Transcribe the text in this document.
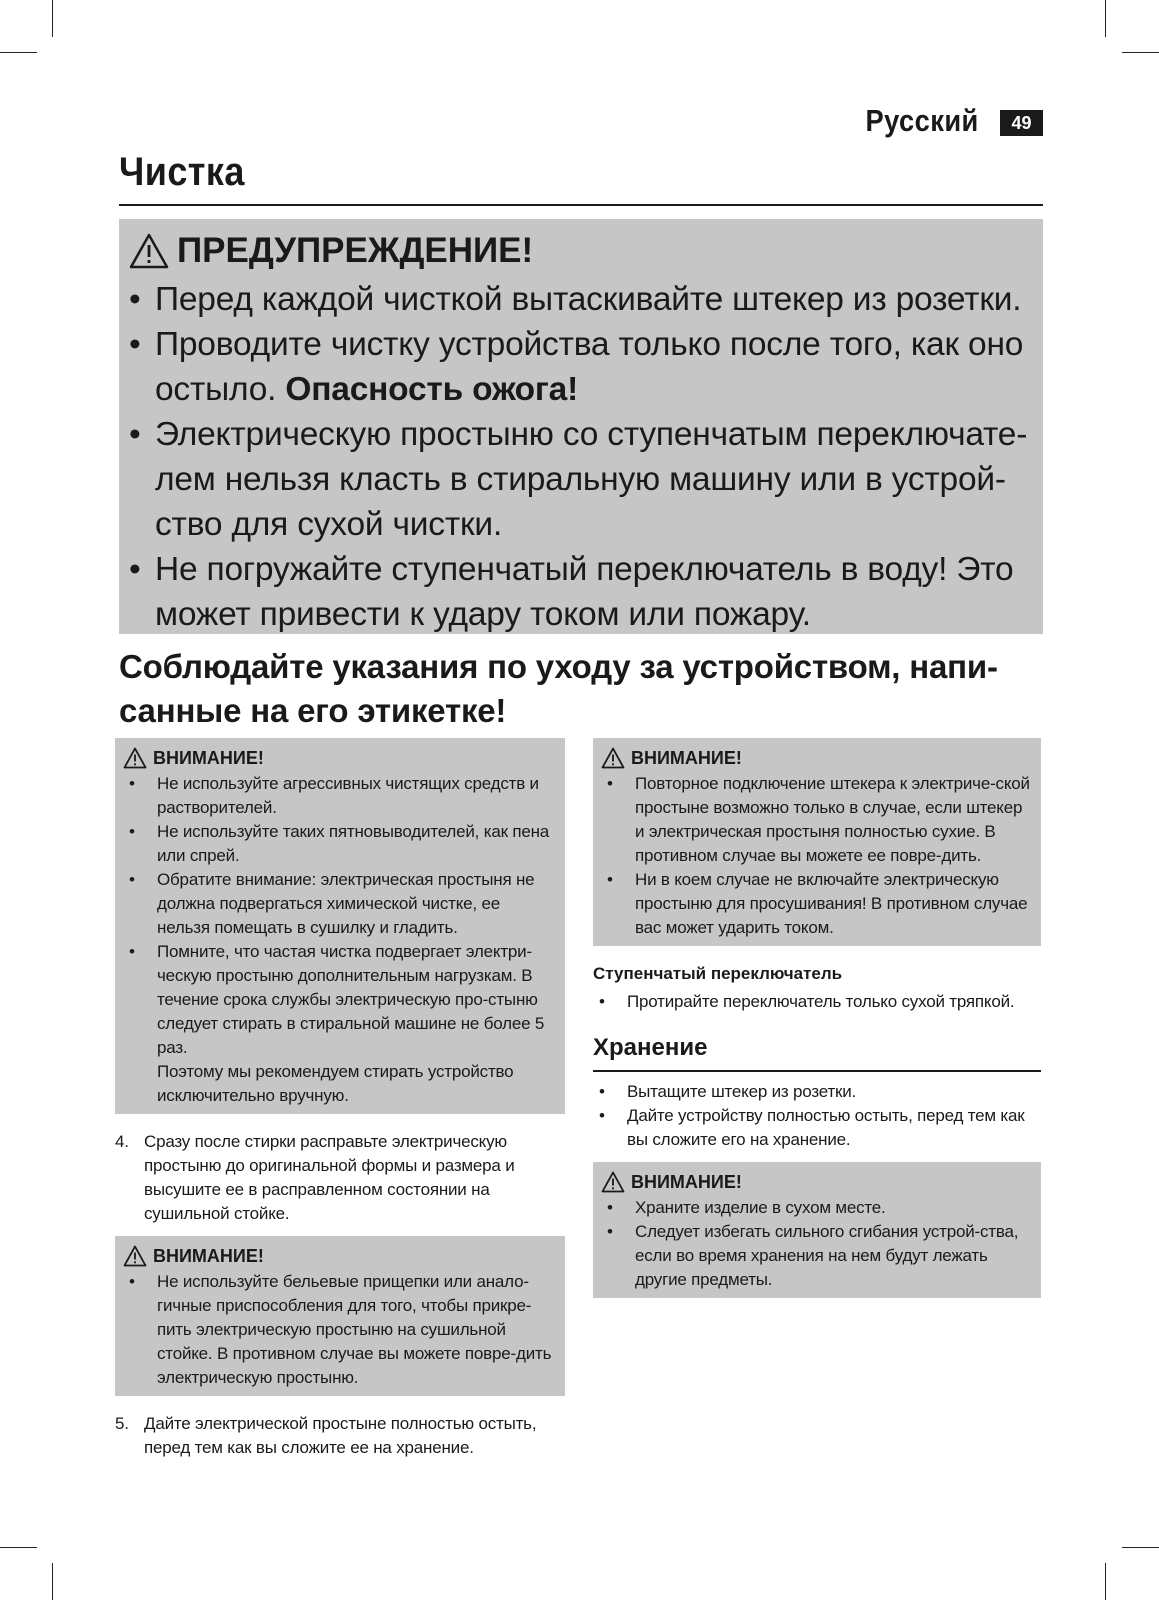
Русский	49
Чистка
ПРЕДУПРЕЖДЕНИЕ!
• Перед каждой чисткой вытаскивайте штекер из розетки.
• Проводите чистку устройства только после того, как оно остыло. Опасность ожога!
• Электрическую простыню со ступенчатым переключате-лем нельзя класть в стиральную машину или в устрой-ство для сухой чистки.
• Не погружайте ступенчатый переключатель в воду! Это может привести к удару током или пожару.
Соблюдайте указания по уходу за устройством, напи-санные на его этикетке!
ВНИМАНИЕ!
• Не используйте агрессивных чистящих средств и растворителей.
• Не используйте таких пятновыводителей, как пена или спрей.
• Обратите внимание: электрическая простыня не должна подвергаться химической чистке, ее нельзя помещать в сушилку и гладить.
• Помните, что частая чистка подвергает электри-ческую простыню дополнительным нагрузкам. В течение срока службы электрическую про-стыню следует стирать в стиральной машине не более 5 раз.
Поэтому мы рекомендуем стирать устройство исключительно вручную.
4. Сразу после стирки расправьте электрическую простыню до оригинальной формы и размера и высушите ее в расправленном состоянии на сушильной стойке.
ВНИМАНИЕ!
• Не используйте бельевые прищепки или анало-гичные приспособления для того, чтобы прикре-пить электрическую простыню на сушильной стойке. В противном случае вы можете повре-дить электрическую простыню.
5. Дайте электрической простыне полностью остыть, перед тем как вы сложите ее на хранение.
ВНИМАНИЕ!
• Повторное подключение штекера к электриче-ской простыне возможно только в случае, если штекер и электрическая простыня полностью сухие. В противном случае вы можете ее повре-дить.
• Ни в коем случае не включайте электрическую простыню для просушивания! В противном случае вас может ударить током.
Ступенчатый переключатель
• Протирайте переключатель только сухой тряпкой.
Хранение
• Вытащите штекер из розетки.
• Дайте устройству полностью остыть, перед тем как вы сложите его на хранение.
ВНИМАНИЕ!
• Храните изделие в сухом месте.
• Следует избегать сильного сгибания устрой-ства, если во время хранения на нем будут лежать другие предметы.
